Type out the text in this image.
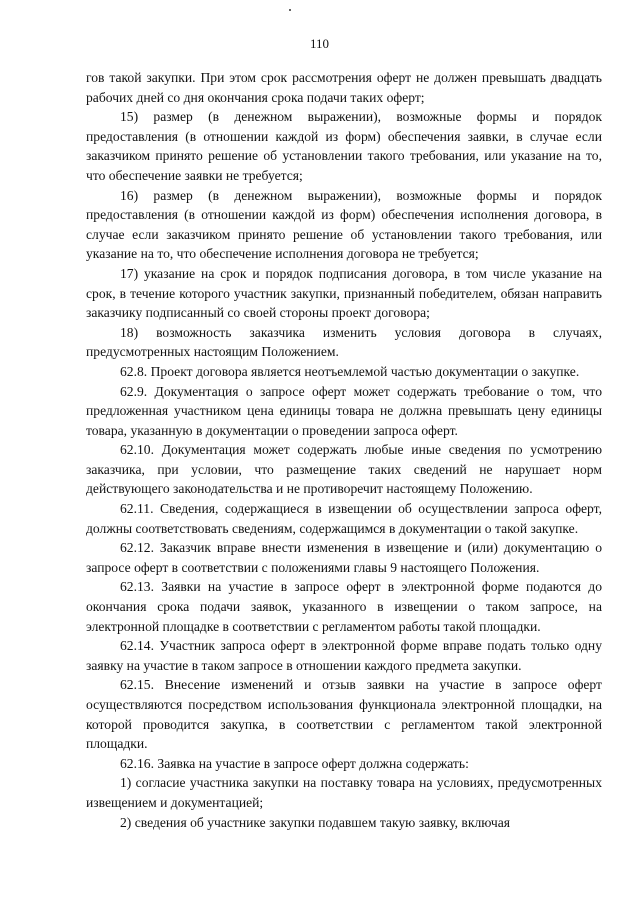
110

гов такой закупки. При этом срок рассмотрения оферт не должен превышать двадцать рабочих дней со дня окончания срока подачи таких оферт;

15) размер (в денежном выражении), возможные формы и порядок предоставления (в отношении каждой из форм) обеспечения заявки, в случае если заказчиком принято решение об установлении такого требования, или указание на то, что обеспечение заявки не требуется;

16) размер (в денежном выражении), возможные формы и порядок предоставления (в отношении каждой из форм) обеспечения исполнения договора, в случае если заказчиком принято решение об установлении такого требования, или указание на то, что обеспечение исполнения договора не требуется;

17) указание на срок и порядок подписания договора, в том числе указание на срок, в течение которого участник закупки, признанный победителем, обязан направить заказчику подписанный со своей стороны проект договора;

18) возможность заказчика изменить условия договора в случаях, предусмотренных настоящим Положением.

62.8. Проект договора является неотъемлемой частью документации о закупке.

62.9. Документация о запросе оферт может содержать требование о том, что предложенная участником цена единицы товара не должна превышать цену единицы товара, указанную в документации о проведении запроса оферт.

62.10. Документация может содержать любые иные сведения по усмотрению заказчика, при условии, что размещение таких сведений не нарушает норм действующего законодательства и не противоречит настоящему Положению.

62.11. Сведения, содержащиеся в извещении об осуществлении запроса оферт, должны соответствовать сведениям, содержащимся в документации о такой закупке.

62.12. Заказчик вправе внести изменения в извещение и (или) документацию о запросе оферт в соответствии с положениями главы 9 настоящего Положения.

62.13. Заявки на участие в запросе оферт в электронной форме подаются до окончания срока подачи заявок, указанного в извещении о таком запросе, на электронной площадке в соответствии с регламентом работы такой площадки.

62.14. Участник запроса оферт в электронной форме вправе подать только одну заявку на участие в таком запросе в отношении каждого предмета закупки.

62.15. Внесение изменений и отзыв заявки на участие в запросе оферт осуществляются посредством использования функционала электронной площадки, на которой проводится закупка, в соответствии с регламентом такой электронной площадки.

62.16. Заявка на участие в запросе оферт должна содержать:

1) согласие участника закупки на поставку товара на условиях, предусмотренных извещением и документацией;

2) сведения об участнике закупки подавшем такую заявку, включая
